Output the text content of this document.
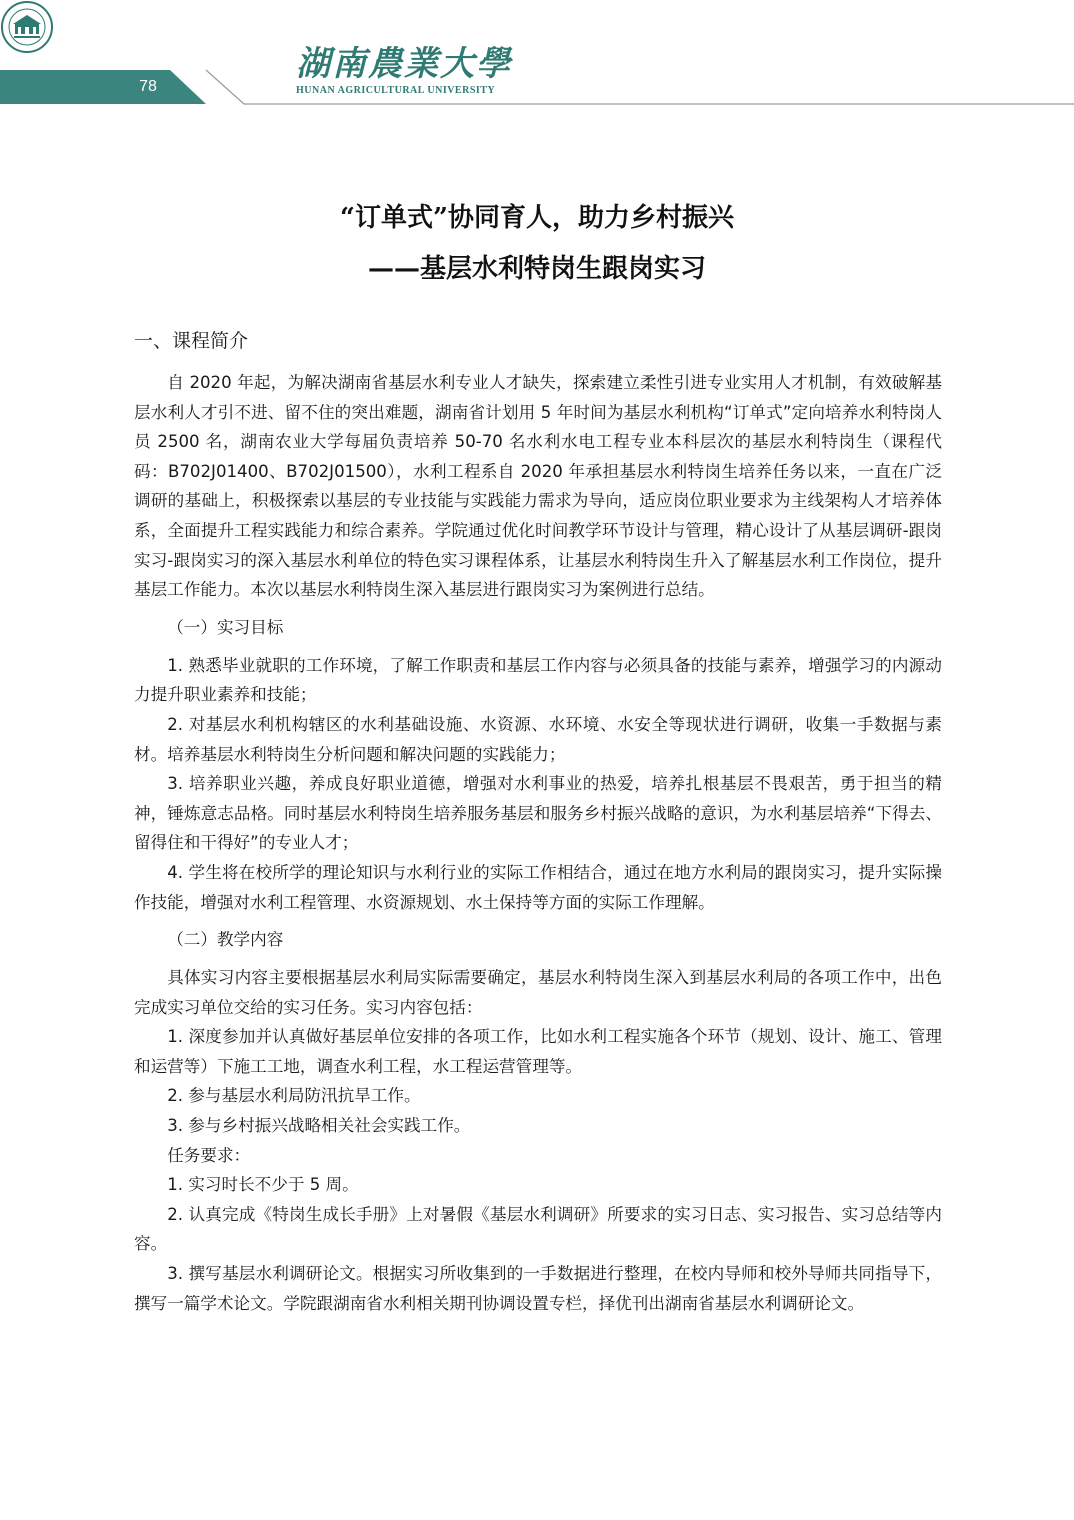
78
湖南農業大學
HUNAN AGRICULTURAL UNIVERSITY
“订单式”协同育人，助力乡村振兴
——基层水利特岗生跟岗实习
一、课程简介

自 2020 年起，为解决湖南省基层水利专业人才缺失，探索建立柔性引进专业实用人才机制，有效破解基层水利人才引不进、留不住的突出难题，湖南省计划用 5 年时间为基层水利机构“订单式”定向培养水利特岗人员 2500 名，湖南农业大学每届负责培养 50-70 名水利水电工程专业本科层次的基层水利特岗生（课程代码：B702J01400、B702J01500），水利工程系自 2020 年承担基层水利特岗生培养任务以来，一直在广泛调研的基础上，积极探索以基层的专业技能与实践能力需求为导向，适应岗位职业要求为主线架构人才培养体系，全面提升工程实践能力和综合素养。学院通过优化时间教学环节设计与管理，精心设计了从基层调研-跟岗实习-跟岗实习的深入基层水利单位的特色实习课程体系，让基层水利特岗生升入了解基层水利工作岗位，提升基层工作能力。本次以基层水利特岗生深入基层进行跟岗实习为案例进行总结。

（一）实习目标

1. 熟悉毕业就职的工作环境，了解工作职责和基层工作内容与必须具备的技能与素养，增强学习的内源动力提升职业素养和技能；

2. 对基层水利机构辖区的水利基础设施、水资源、水环境、水安全等现状进行调研，收集一手数据与素材。培养基层水利特岗生分析问题和解决问题的实践能力；

3. 培养职业兴趣，养成良好职业道德，增强对水利事业的热爱，培养扎根基层不畏艰苦，勇于担当的精神，锤炼意志品格。同时基层水利特岗生培养服务基层和服务乡村振兴战略的意识，为水利基层培养“下得去、留得住和干得好”的专业人才；

4. 学生将在校所学的理论知识与水利行业的实际工作相结合，通过在地方水利局的跟岗实习，提升实际操作技能，增强对水利工程管理、水资源规划、水土保持等方面的实际工作理解。

（二）教学内容

具体实习内容主要根据基层水利局实际需要确定，基层水利特岗生深入到基层水利局的各项工作中，出色完成实习单位交给的实习任务。实习内容包括：

1. 深度参加并认真做好基层单位安排的各项工作，比如水利工程实施各个环节（规划、设计、施工、管理和运营等）下施工工地，调查水利工程，水工程运营管理等。

2. 参与基层水利局防汛抗旱工作。

3. 参与乡村振兴战略相关社会实践工作。

任务要求：

1. 实习时长不少于 5 周。

2. 认真完成《特岗生成长手册》上对暑假《基层水利调研》所要求的实习日志、实习报告、实习总结等内容。

3. 撰写基层水利调研论文。根据实习所收集到的一手数据进行整理，在校内导师和校外导师共同指导下，撰写一篇学术论文。学院跟湖南省水利相关期刊协调设置专栏，择优刊出湖南省基层水利调研论文。
